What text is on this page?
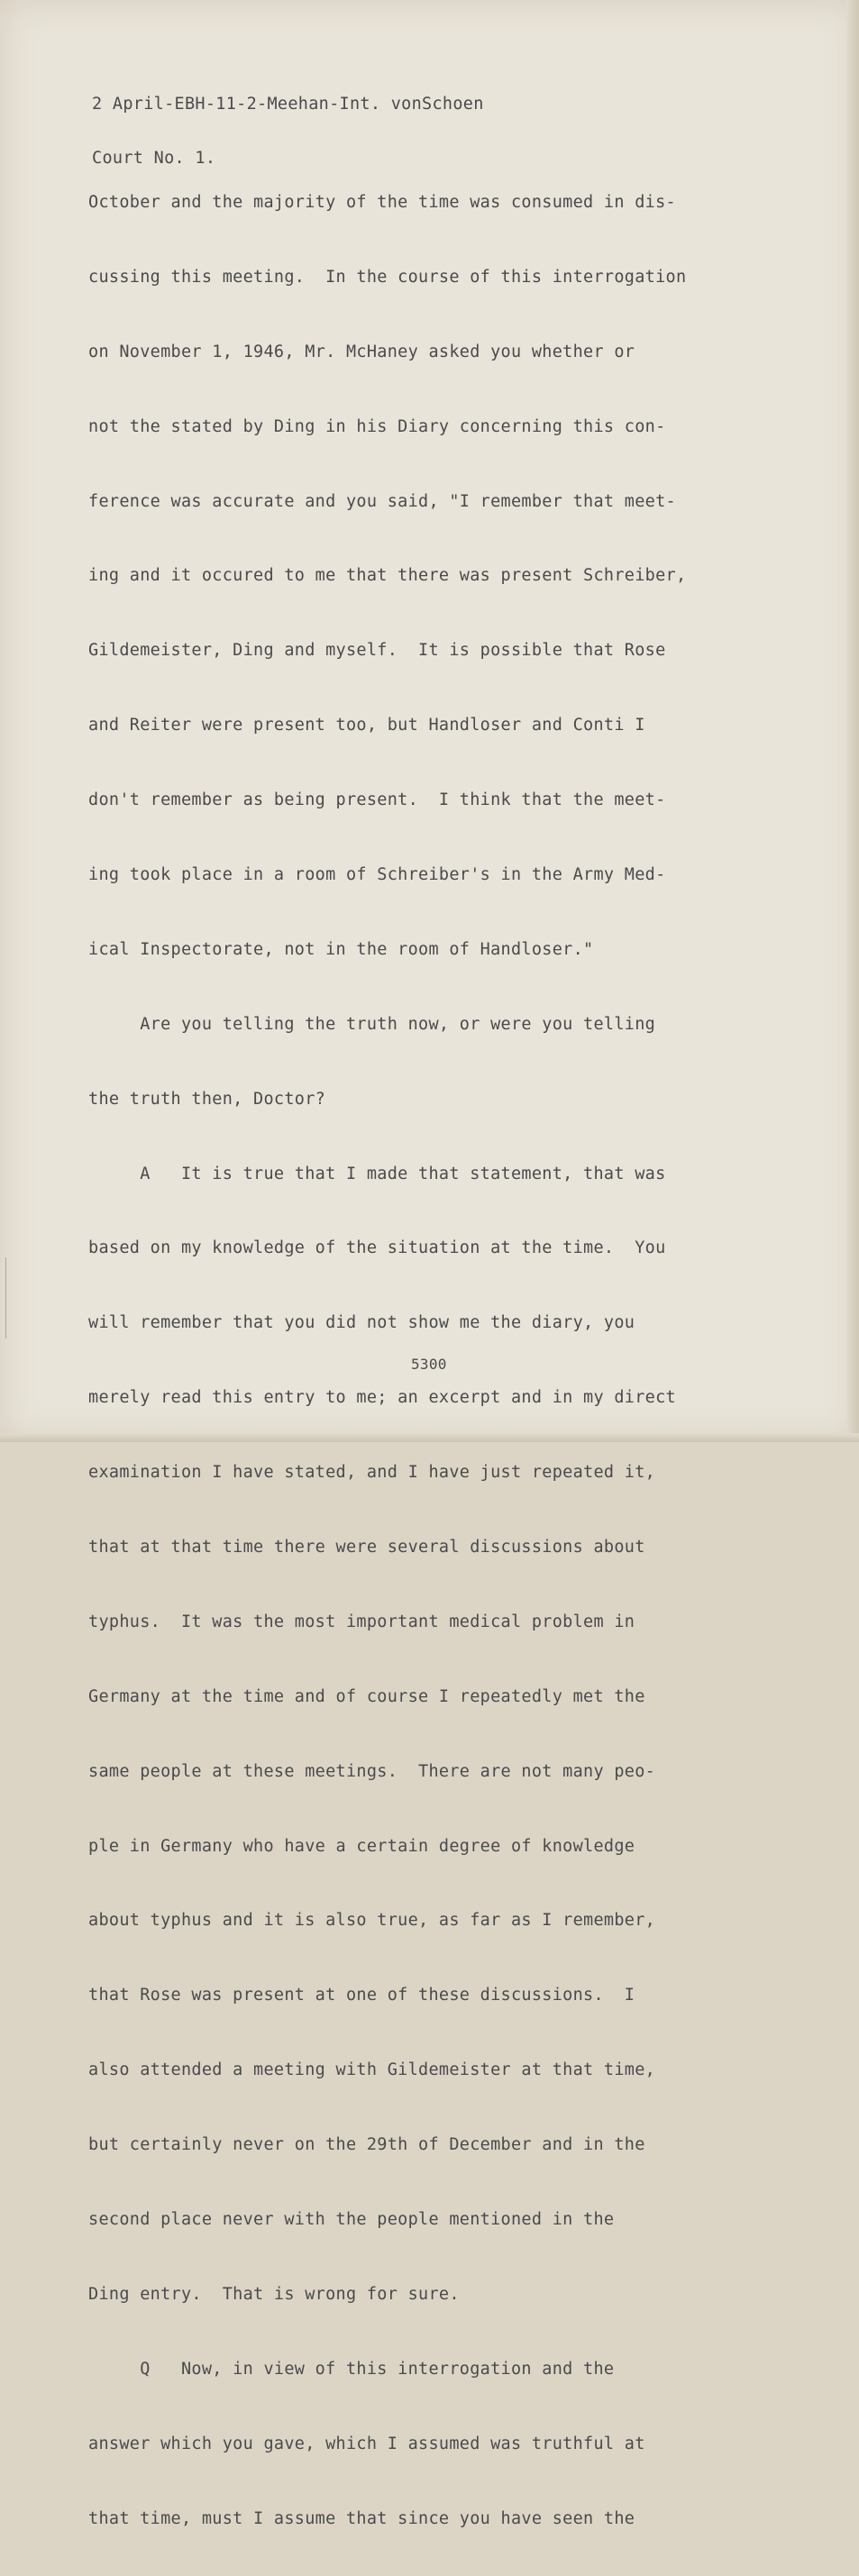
2 April-EBH-11-2-Meehan-Int. vonSchoen

Court No. 1.

October and the majority of the time was consumed in dis-

cussing this meeting.  In the course of this interrogation

on November 1, 1946, Mr. McHaney asked you whether or

not the stated by Ding in his Diary concerning this con-

ference was accurate and you said, "I remember that meet-

ing and it occured to me that there was present Schreiber,

Gildemeister, Ding and myself.  It is possible that Rose

and Reiter were present too, but Handloser and Conti I

don't remember as being present.  I think that the meet-

ing took place in a room of Schreiber's in the Army Med-

ical Inspectorate, not in the room of Handloser."

Are you telling the truth now, or were you telling

the truth then, Doctor?

A   It is true that I made that statement, that was

based on my knowledge of the situation at the time.  You

will remember that you did not show me the diary, you

merely read this entry to me; an excerpt and in my direct

examination I have stated, and I have just repeated it,

that at that time there were several discussions about

typhus.  It was the most important medical problem in

Germany at the time and of course I repeatedly met the

same people at these meetings.  There are not many peo-

ple in Germany who have a certain degree of knowledge

about typhus and it is also true, as far as I remember,

that Rose was present at one of these discussions.  I

also attended a meeting with Gildemeister at that time,

but certainly never on the 29th of December and in the

second place never with the people mentioned in the

Ding entry.  That is wrong for sure.

Q   Now, in view of this interrogation and the

answer which you gave, which I assumed was truthful at

that time, must I assume that since you have seen the

5300
